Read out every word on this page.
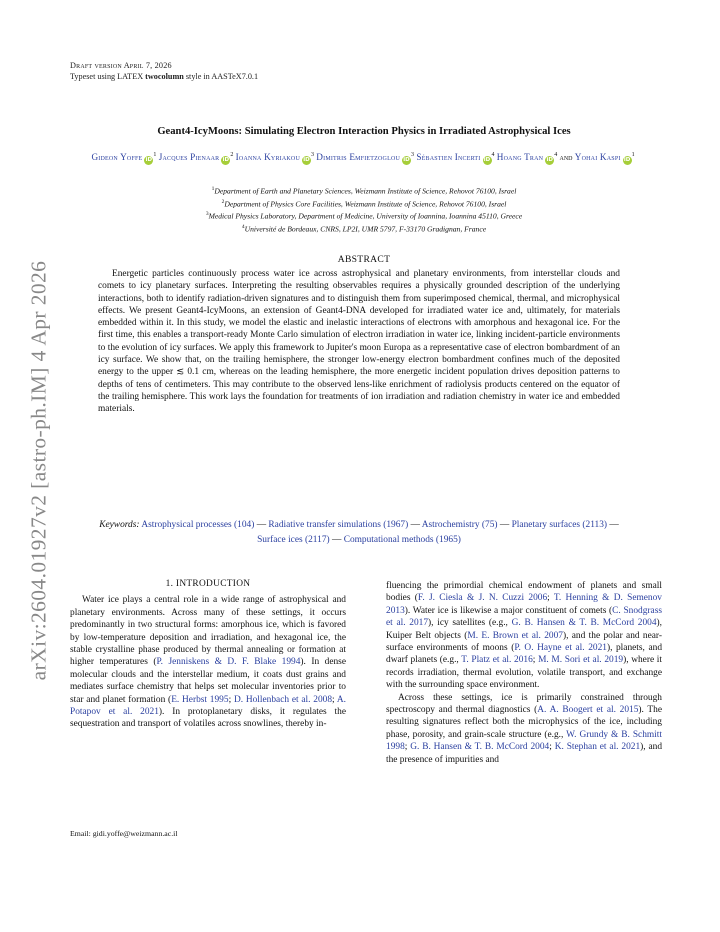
arXiv:2604.01927v2 [astro-ph.IM] 4 Apr 2026
Draft version April 7, 2026
Typeset using LATEX twocolumn style in AASTeX7.0.1
Geant4-IcyMoons: Simulating Electron Interaction Physics in Irradiated Astrophysical Ices
Gideon Yoffe $iD^1$ Jacques Pienaar $iD^2$ Ioanna Kyriakou $iD^3$ Dimitris Emfietzoglou $iD^3$ Sébastien Incerti $iD^4$ Hoang Tran $iD^4$ and Yohai Kaspi $iD^1$
$^1$Department of Earth and Planetary Sciences, Weizmann Institute of Science, Rehovot 76100, Israel
$^2$Department of Physics Core Facilities, Weizmann Institute of Science, Rehovot 76100, Israel
$^3$Medical Physics Laboratory, Department of Medicine, University of Ioannina, Ioannina 45110, Greece
$^4$Université de Bordeaux, CNRS, LP2I, UMR 5797, F-33170 Gradignan, France
ABSTRACT
Energetic particles continuously process water ice across astrophysical and planetary environments, from interstellar clouds and comets to icy planetary surfaces. Interpreting the resulting observables requires a physically grounded description of the underlying interactions, both to identify radiation-driven signatures and to distinguish them from superimposed chemical, thermal, and microphysical effects. We present Geant4-IcyMoons, an extension of Geant4-DNA developed for irradiated water ice and, ultimately, for materials embedded within it. In this study, we model the elastic and inelastic interactions of electrons with amorphous and hexagonal ice. For the first time, this enables a transport-ready Monte Carlo simulation of electron irradiation in water ice, linking incident-particle environments to the evolution of icy surfaces. We apply this framework to Jupiter's moon Europa as a representative case of electron bombardment of an icy surface. We show that, on the trailing hemisphere, the stronger low-energy electron bombardment confines much of the deposited energy to the upper ≲ 0.1 cm, whereas on the leading hemisphere, the more energetic incident population drives deposition patterns to depths of tens of centimeters. This may contribute to the observed lens-like enrichment of radiolysis products centered on the equator of the trailing hemisphere. This work lays the foundation for treatments of ion irradiation and radiation chemistry in water ice and embedded materials.
Keywords: Astrophysical processes (104) — Radiative transfer simulations (1967) — Astrochemistry (75) — Planetary surfaces (2113) — Surface ices (2117) — Computational methods (1965)
1. INTRODUCTION

Water ice plays a central role in a wide range of astrophysical and planetary environments. Across many of these settings, it occurs predominantly in two structural forms: amorphous ice, which is favored by low-temperature deposition and irradiation, and hexagonal ice, the stable crystalline phase produced by thermal annealing or formation at higher temperatures (P. Jenniskens & D. F. Blake 1994). In dense molecular clouds and the interstellar medium, it coats dust grains and mediates surface chemistry that helps set molecular inventories prior to star and planet formation (E. Herbst 1995; D. Hollenbach et al. 2008; A. Potapov et al. 2021). In protoplanetary disks, it regulates the sequestration and transport of volatiles across snowlines, thereby in-

fluencing the primordial chemical endowment of planets and small bodies (F. J. Ciesla & J. N. Cuzzi 2006; T. Henning & D. Semenov 2013). Water ice is likewise a major constituent of comets (C. Snodgrass et al. 2017), icy satellites (e.g., G. B. Hansen & T. B. McCord 2004), Kuiper Belt objects (M. E. Brown et al. 2007), and the polar and near-surface environments of moons (P. O. Hayne et al. 2021), planets, and dwarf planets (e.g., T. Platz et al. 2016; M. M. Sori et al. 2019), where it records irradiation, thermal evolution, volatile transport, and exchange with the surrounding space environment.

Across these settings, ice is primarily constrained through spectroscopy and thermal diagnostics (A. A. Boogert et al. 2015). The resulting signatures reflect both the microphysics of the ice, including phase, porosity, and grain-scale structure (e.g., W. Grundy & B. Schmitt 1998; G. B. Hansen & T. B. McCord 2004; K. Stephan et al. 2021), and the presence of impurities and

Email: gidi.yoffe@weizmann.ac.il
